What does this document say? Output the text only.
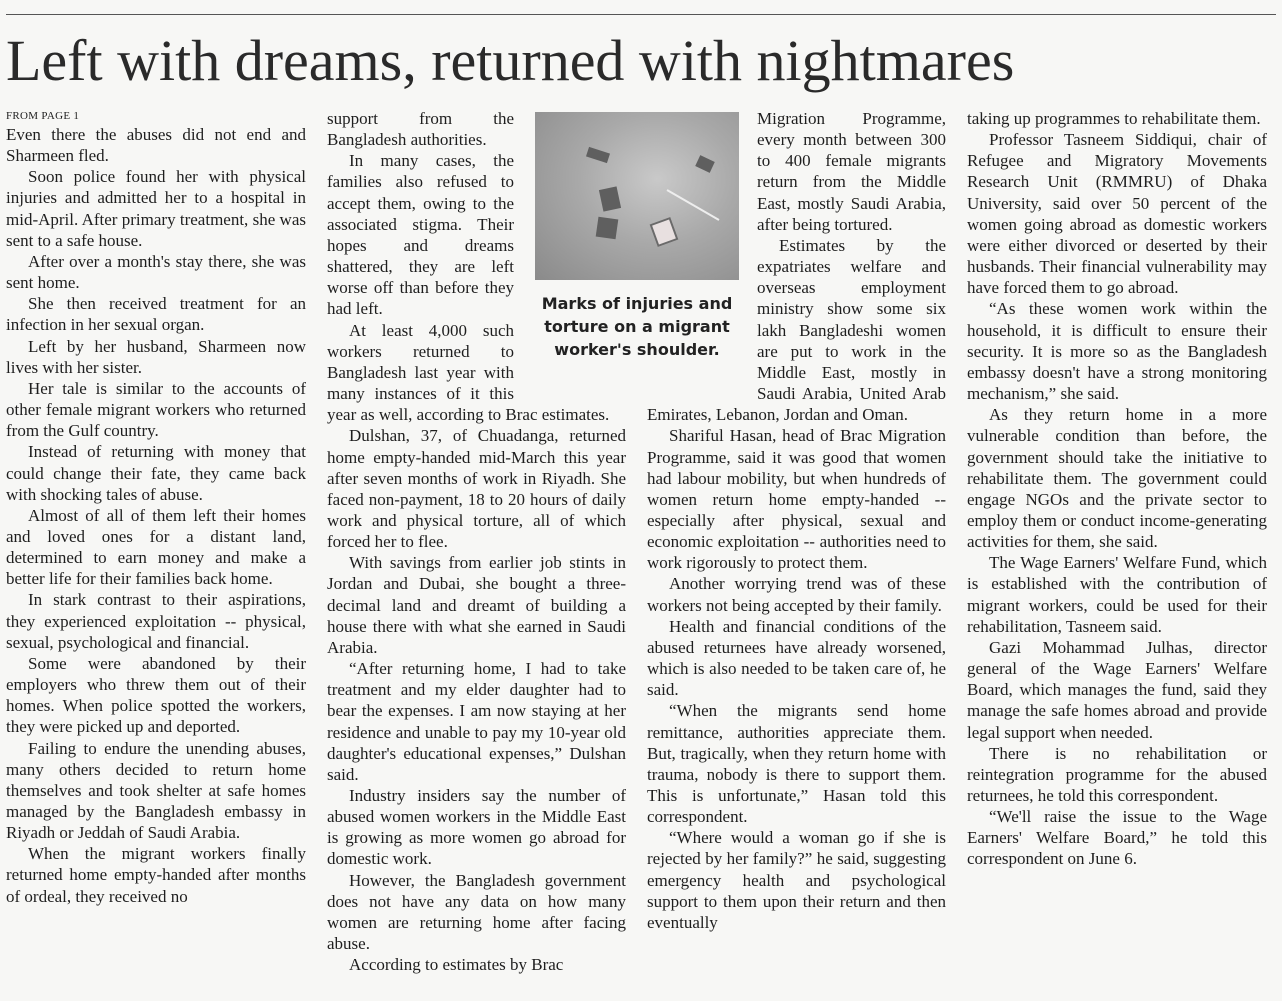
Left with dreams, returned with nightmares
FROM PAGE 1

Even there the abuses did not end and Sharmeen fled.

Soon police found her with physical injuries and admitted her to a hospital in mid-April. After primary treatment, she was sent to a safe house.

After over a month's stay there, she was sent home.

She then received treatment for an infection in her sexual organ.

Left by her husband, Sharmeen now lives with her sister.

Her tale is similar to the accounts of other female migrant workers who returned from the Gulf country.

Instead of returning with money that could change their fate, they came back with shocking tales of abuse.

Almost of all of them left their homes and loved ones for a distant land, determined to earn money and make a better life for their families back home.

In stark contrast to their aspirations, they experienced exploitation -- physical, sexual, psychological and financial.

Some were abandoned by their employers who threw them out of their homes. When police spotted the workers, they were picked up and deported.

Failing to endure the unending abuses, many others decided to return home themselves and took shelter at safe homes managed by the Bangladesh embassy in Riyadh or Jeddah of Saudi Arabia.

When the migrant workers finally returned home empty-handed after months of ordeal, they received no

support from the Bangladesh authorities.

In many cases, the families also refused to accept them, owing to the associated stigma. Their hopes and dreams shattered, they are left worse off than before they had left.

At least 4,000 such workers returned to Bangladesh last year with many instances of it this year as well, according to Brac estimates.

Dulshan, 37, of Chuadanga, returned home empty-handed mid-March this year after seven months of work in Riyadh. She faced non-payment, 18 to 20 hours of daily work and physical torture, all of which forced her to flee.

With savings from earlier job stints in Jordan and Dubai, she bought a three-decimal land and dreamt of building a house there with what she earned in Saudi Arabia.

“After returning home, I had to take treatment and my elder daughter had to bear the expenses. I am now staying at her residence and unable to pay my 10-year old daughter's educational expenses,” Dulshan said.

Industry insiders say the number of abused women workers in the Middle East is growing as more women go abroad for domestic work.

However, the Bangladesh government does not have any data on how many women are returning home after facing abuse.

According to estimates by Brac

Migration Programme, every month between 300 to 400 female migrants return from the Middle East, mostly Saudi Arabia, after being tortured.

Estimates by the expatriates welfare and overseas employment ministry show some six lakh Bangladeshi women are put to work in the Middle East, mostly in Saudi Arabia, United Arab Emirates, Lebanon, Jordan and Oman.

Shariful Hasan, head of Brac Migration Programme, said it was good that women had labour mobility, but when hundreds of women return home empty-handed -- especially after physical, sexual and economic exploitation -- authorities need to work rigorously to protect them.

Another worrying trend was of these workers not being accepted by their family.

Health and financial conditions of the abused returnees have already worsened, which is also needed to be taken care of, he said.

“When the migrants send home remittance, authorities appreciate them. But, tragically, when they return home with trauma, nobody is there to support them. This is unfortunate,” Hasan told this correspondent.

“Where would a woman go if she is rejected by her family?” he said, suggesting emergency health and psychological support to them upon their return and then eventually

taking up programmes to rehabilitate them.

Professor Tasneem Siddiqui, chair of Refugee and Migratory Movements Research Unit (RMMRU) of Dhaka University, said over 50 percent of the women going abroad as domestic workers were either divorced or deserted by their husbands. Their financial vulnerability may have forced them to go abroad.

“As these women work within the household, it is difficult to ensure their security. It is more so as the Bangladesh embassy doesn't have a strong monitoring mechanism,” she said.

As they return home in a more vulnerable condition than before, the government should take the initiative to rehabilitate them. The government could engage NGOs and the private sector to employ them or conduct income-generating activities for them, she said.

The Wage Earners' Welfare Fund, which is established with the contribution of migrant workers, could be used for their rehabilitation, Tasneem said.

Gazi Mohammad Julhas, director general of the Wage Earners' Welfare Board, which manages the fund, said they manage the safe homes abroad and provide legal support when needed.

There is no rehabilitation or reintegration programme for the abused returnees, he told this correspondent.

“We'll raise the issue to the Wage Earners' Welfare Board,” he told this correspondent on June 6.

Marks of injuries and torture on a migrant worker's shoulder.
